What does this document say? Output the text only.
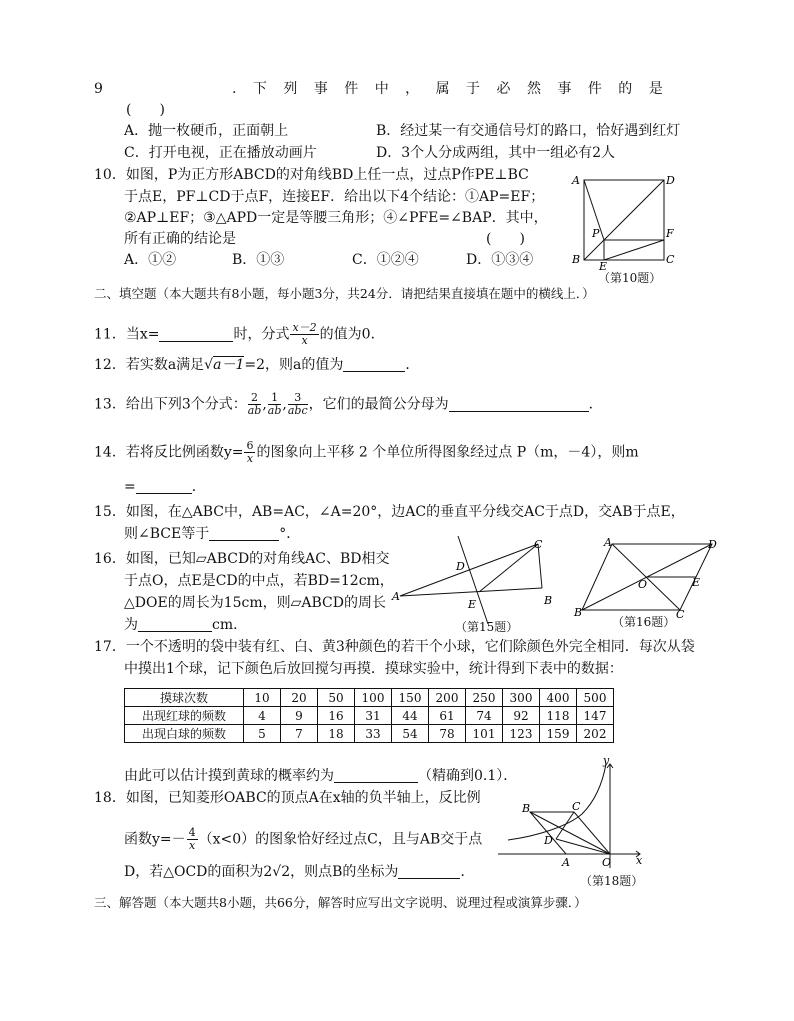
9	. 下 列 事 件 中 ， 属 于 必 然 事 件 的 是
(　　)
A．抛一枚硬币，正面朝上	B．经过某一有交通信号灯的路口，恰好遇到红灯
C．打开电视，正在播放动画片	D．3个人分成两组，其中一组必有2人
10．如图，P为正方形ABCD的对角线BD上任一点，过点P作PE⊥BC
于点E，PF⊥CD于点F，连接EF．给出以下4个结论：①AP=EF；
②AP⊥EF；③△APD一定是等腰三角形；④∠PFE=∠BAP．其中，
所有正确的结论是	(　　)
A．①②	B．①③	C．①②④	D．①③④
A	D
B	C
P	F
E
（第10题）
二、填空题（本大题共有8小题，每小题3分，共24分．请把结果直接填在题中的横线上．）
11．当x=	时，分式 $\frac{x-2}{x}$ 的值为0．
12．若实数a满足√a－1=2，则a的值为	．
13．给出下列3个分式： $\frac{2}{ab}$ , $\frac{1}{ab}$ , $\frac{3}{\text{abc}}$ ，它们的最简公分母为	．
14．若将反比例函数$y= \frac{6}{x}$ 的图象向上平移 2 个单位所得图象经过点 P（m，－4），则m
=	．
15．如图，在△ABC中，AB=AC，∠A=20°，边AC的垂直平分线交AC于点D，交AB于点E，
则∠BCE等于	°．
16．如图，已知▱ABCD的对角线AC、BD相交
于点O，点E是CD的中点，若BD=12cm，
△DOE的周长为15cm，则▱ABCD的周长
为	cm．
A	B
C
D
E
（第15题）
A	D
O	E
B	C
（第16题）
17．一个不透明的袋中装有红、白、黄3种颜色的若干个小球，它们除颜色外完全相同．每次从袋
中摸出1个球，记下颜色后放回搅匀再摸．摸球实验中，统计得到下表中的数据：
摸球次数	10	20	50	100	150	200	250	300	400	500
出现红球的频数	4	9	16	31	44	61	74	92	118	147
出现白球的频数	5	7	18	33	54	78	101	123	159	202
由此可以估计摸到黄球的概率约为	（精确到0.1）．
18．如图，已知菱形OABC的顶点A在x轴的负半轴上，反比例
函数$y=- \frac{4}{x} (x<0)$的图象恰好经过点C，且与AB交于点
D，若△OCD的面积为2√2，则点B的坐标为	．
y
x
B	C
D
A	O
（第18题）
三、解答题（本大题共8小题，共66分，解答时应写出文字说明、说理过程或演算步骤．）
